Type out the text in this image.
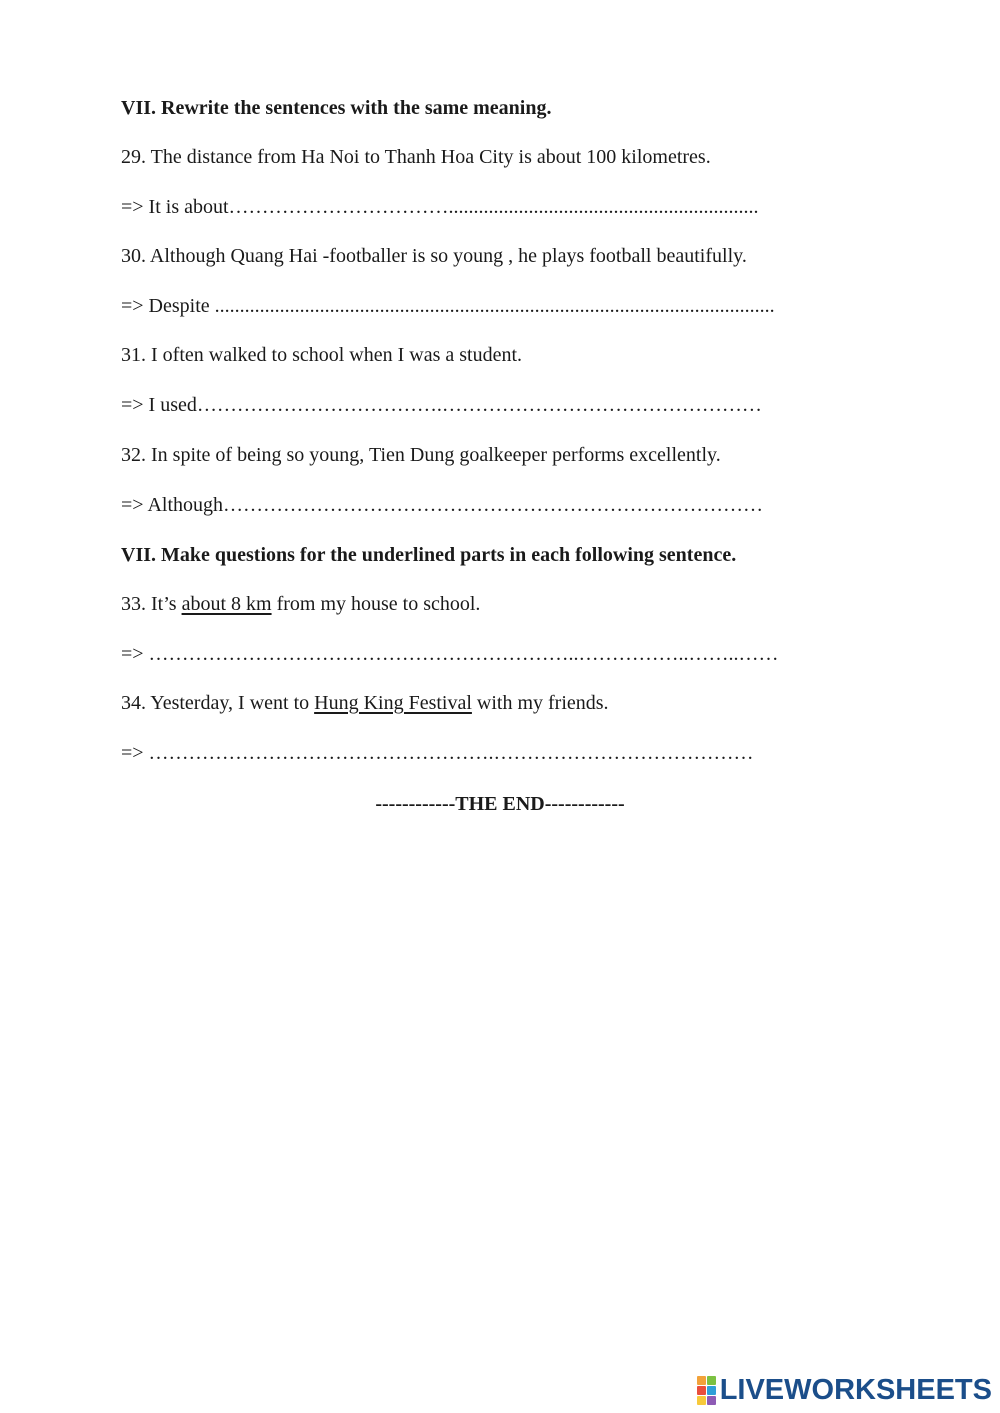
VII. Rewrite the sentences with the same meaning.
29. The distance from Ha Noi to Thanh Hoa City is about 100 kilometres.
=> It is about……………………………..............................................................
30. Although Quang Hai -footballer is so young , he plays football beautifully.
=> Despite ................................................................................................................
31. I often walked to school when I was a student.
=> I used……………………………….…………………………………………
32. In spite of being so young, Tien Dung goalkeeper performs excellently.
=> Although………………………………………………………………………
VII. Make questions for the underlined parts in each following sentence.
33. It’s about 8 km from my house to school.
=> ………………………………………………………..……………..……..……
34. Yesterday, I went to Hung King Festival with my friends.
=> …………………………………………….…………………………………
------------THE END------------
LIVEWORKSHEETS
